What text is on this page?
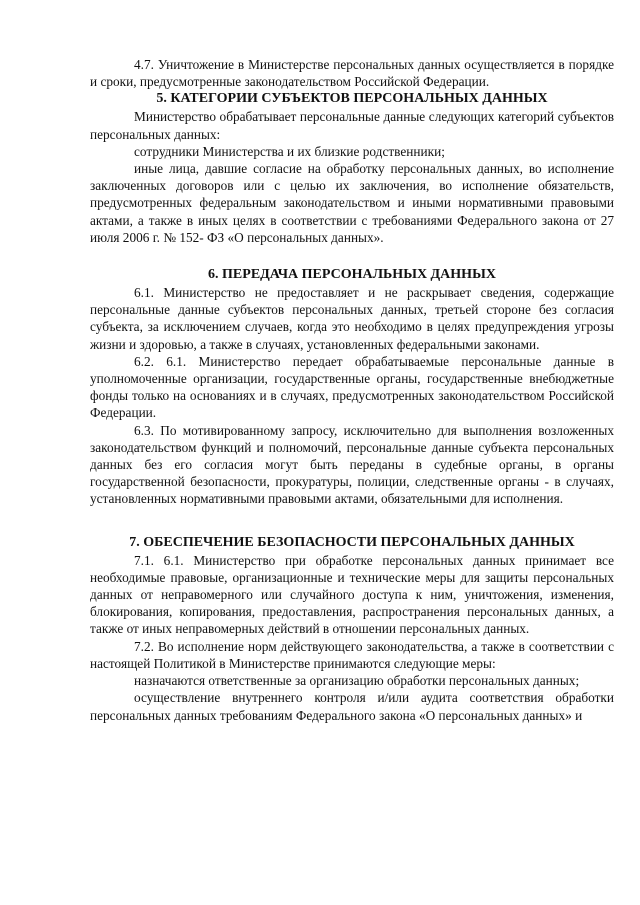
4.7. Уничтожение в Министерстве персональных данных осуществляется в порядке и сроки, предусмотренные законодательством Российской Федерации.

5. КАТЕГОРИИ СУБЪЕКТОВ ПЕРСОНАЛЬНЫХ ДАННЫХ

Министерство обрабатывает персональные данные следующих категорий субъектов персональных данных:

сотрудники Министерства и их близкие родственники;

иные лица, давшие согласие на обработку персональных данных, во исполнение заключенных договоров или с целью их заключения, во исполнение обязательств, предусмотренных федеральным законодательством и иными нормативными правовыми актами, а также в иных целях в соответствии с требованиями Федерального закона от 27 июля 2006 г. № 152- ФЗ «О персональных данных».

6. ПЕРЕДАЧА ПЕРСОНАЛЬНЫХ ДАННЫХ

6.1. Министерство не предоставляет и не раскрывает сведения, содержащие персональные данные субъектов персональных данных, третьей стороне без согласия субъекта, за исключением случаев, когда это необходимо в целях предупреждения угрозы жизни и здоровью, а также в случаях, установленных федеральными законами.

6.2. 6.1. Министерство передает обрабатываемые персональные данные в уполномоченные организации, государственные органы, государственные внебюджетные фонды только на основаниях и в случаях, предусмотренных законодательством Российской Федерации.

6.3. По мотивированному запросу, исключительно для выполнения возложенных законодательством функций и полномочий, персональные данные субъекта персональных данных без его согласия могут быть переданы в судебные органы, в органы государственной безопасности, прокуратуры, полиции, следственные органы - в случаях, установленных нормативными правовыми актами, обязательными для исполнения.

7. ОБЕСПЕЧЕНИЕ БЕЗОПАСНОСТИ ПЕРСОНАЛЬНЫХ ДАННЫХ

7.1. 6.1. Министерство при обработке персональных данных принимает все необходимые правовые, организационные и технические меры для защиты персональных данных от неправомерного или случайного доступа к ним, уничтожения, изменения, блокирования, копирования, предоставления, распространения персональных данных, а также от иных неправомерных действий в отношении персональных данных.

7.2. Во исполнение норм действующего законодательства, а также в соответствии с настоящей Политикой в Министерстве принимаются следующие меры:

назначаются ответственные за организацию обработки персональных данных;

осуществление внутреннего контроля и/или аудита соответствия обработки персональных данных требованиям Федерального закона «О персональных данных» и
